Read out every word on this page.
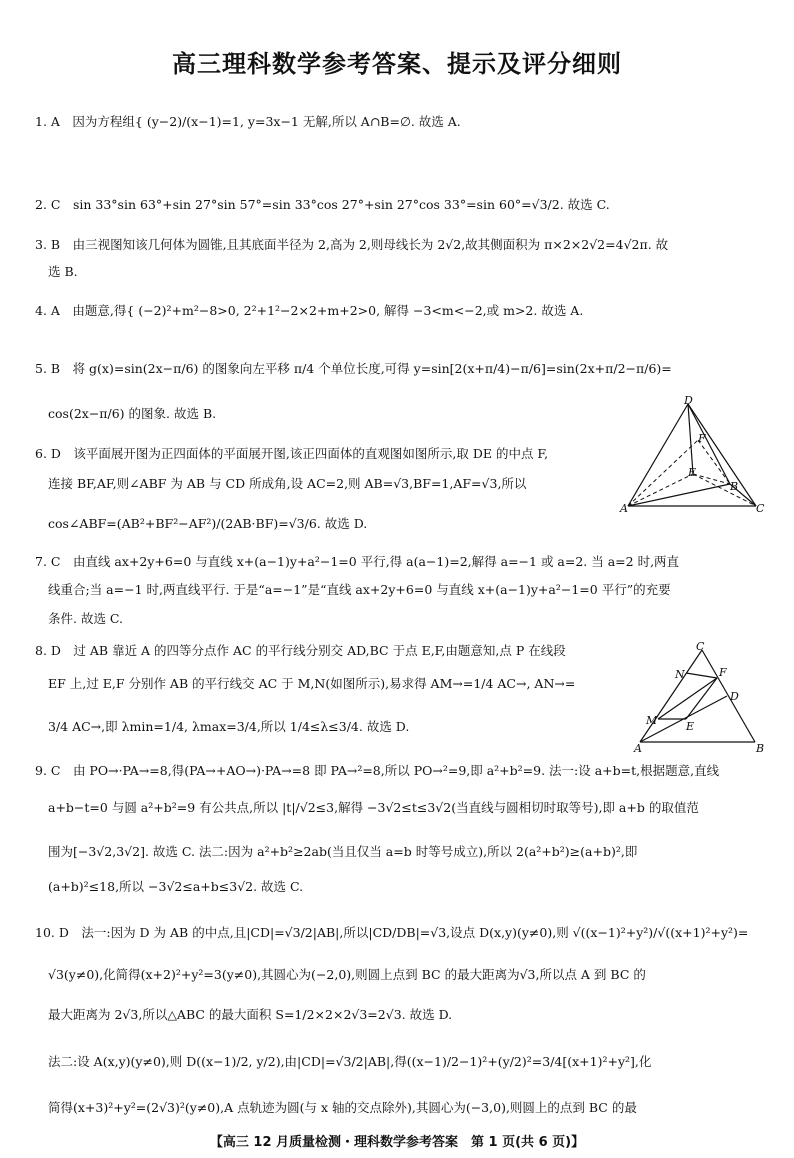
高三理科数学参考答案、提示及评分细则
1. A　因为方程组{ (y−2)/(x−1)=1, y=3x−1 无解,所以 A∩B=∅. 故选 A.
2. C　sin 33°sin 63°+sin 27°sin 57°=sin 33°cos 27°+sin 27°cos 33°=sin 60°=√3/2. 故选 C.
3. B　由三视图知该几何体为圆锥,且其底面半径为 2,高为 2,则母线长为 2√2,故其侧面积为 π×2×2√2=4√2π. 故
选 B.
4. A　由题意,得{ (−2)²+m²−8>0, 2²+1²−2×2+m+2>0, 解得 −3<m<−2,或 m>2. 故选 A.
5. B　将 g(x)=sin(2x−π/6) 的图象向左平移 π/4 个单位长度,可得 y=sin[2(x+π/4)−π/6]=sin(2x+π/2−π/6)=
cos(2x−π/6) 的图象. 故选 B.
6. D　该平面展开图为正四面体的平面展开图,该正四面体的直观图如图所示,取 DE 的中点 F,
连接 BF,AF,则∠ABF 为 AB 与 CD 所成角,设 AC=2,则 AB=√3,BF=1,AF=√3,所以
cos∠ABF=(AB²+BF²−AF²)/(2AB·BF)=√3/6. 故选 D.
7. C　由直线 ax+2y+6=0 与直线 x+(a−1)y+a²−1=0 平行,得 a(a−1)=2,解得 a=−1 或 a=2. 当 a=2 时,两直
线重合;当 a=−1 时,两直线平行. 于是“a=−1”是“直线 ax+2y+6=0 与直线 x+(a−1)y+a²−1=0 平行”的充要
条件. 故选 C.
8. D　过 AB 靠近 A 的四等分点作 AC 的平行线分别交 AD,BC 于点 E,F,由题意知,点 P 在线段
EF 上,过 E,F 分别作 AB 的平行线交 AC 于 M,N(如图所示),易求得 AM→=1/4 AC→, AN→=
3/4 AC→,即 λmin=1/4, λmax=3/4,所以 1/4≤λ≤3/4. 故选 D.
9. C　由 PO→·PA→=8,得(PA→+AO→)·PA→=8 即 PA→²=8,所以 PO→²=9,即 a²+b²=9. 法一:设 a+b=t,根据题意,直线
a+b−t=0 与圆 a²+b²=9 有公共点,所以 |t|/√2≤3,解得 −3√2≤t≤3√2(当直线与圆相切时取等号),即 a+b 的取值范
围为[−3√2,3√2]. 故选 C. 法二:因为 a²+b²≥2ab(当且仅当 a=b 时等号成立),所以 2(a²+b²)≥(a+b)²,即
(a+b)²≤18,所以 −3√2≤a+b≤3√2. 故选 C.
10. D　法一:因为 D 为 AB 的中点,且|CD|=√3/2|AB|,所以|CD/DB|=√3,设点 D(x,y)(y≠0),则 √((x−1)²+y²)/√((x+1)²+y²)=
√3(y≠0),化简得(x+2)²+y²=3(y≠0),其圆心为(−2,0),则圆上点到 BC 的最大距离为√3,所以点 A 到 BC 的
最大距离为 2√3,所以△ABC 的最大面积 S=1/2×2×2√3=2√3. 故选 D.
法二:设 A(x,y)(y≠0),则 D((x−1)/2, y/2),由|CD|=√3/2|AB|,得((x−1)/2−1)²+(y/2)²=3/4[(x+1)²+y²],化
简得(x+3)²+y²=(2√3)²(y≠0),A 点轨迹为圆(与 x 轴的交点除外),其圆心为(−3,0),则圆上的点到 BC 的最
D
F
E
B
A	C
C
N	F
D
M	E
A	B
【高三 12 月质量检测・理科数学参考答案　第 1 页(共 6 页)】
